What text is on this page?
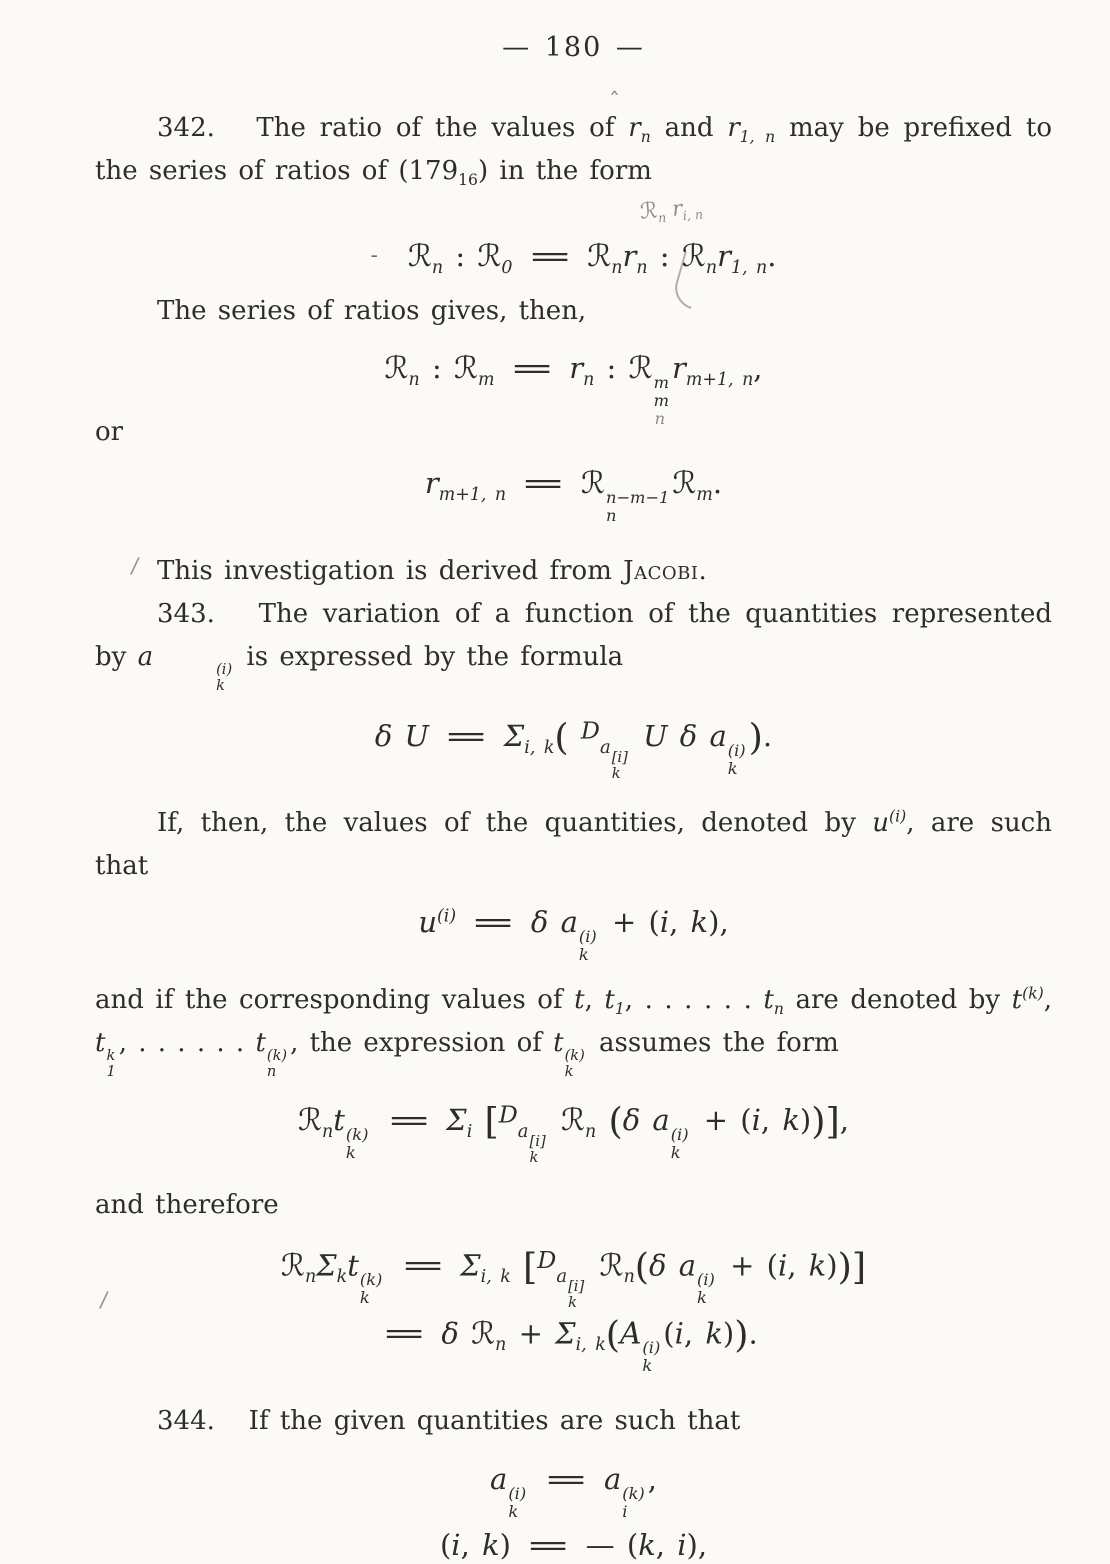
— 180 —
/
/
ˆ
342.   The ratio of the values of $r_n$ and $r_{1, n}$ may be prefixed to the series of ratios of $(179_{16})$ in the form
ℛ$_n$ $r_{i, n}$
- ℛ$_n$ : ℛ$_0$ = $ℛ_nr_n$ : $ℛ_nr_{1, n}$.
The series of ratios gives, then,
ℛ$_n$ : ℛ$_m$ = $r_n$ : ℛ m
m
n
$r_{m+1, n}$,
or
$r_{m+1, n}$ = ℛ n−m−1
n
ℛ$_m$.
This investigation is derived from Jacobi.
343.   The variation of a function of the quantities represented by a	(i)
k
is expressed by the formula
δ $U = \Sigma_{i, k}$( $^D_{a [i] k}$
U δ a (i)
k
).
If, then, the values of the quantities, denoted by $u^{(i)}$, are such that
$u^{(i)} = \delta$ a (i)
k
+ (i, k),
and if the corresponding values of t, $t_1$, . . . . . . $t_n$ are denoted by $t^{(k)}$, t k
1
, . . . . . . t (k)
n
, the expression of t (k)
k
assumes the form
ℛ$_n$t (k)
k
= $\Sigma_i$ [$^D_{a [i] k}$
ℛ$_n$ (δ a (i)
k
+ (i, k))],
and therefore
$ℛ_n\Sigma_kt$ (k)
k
= $\Sigma_{i, k}$ [$^D_{a [i] k}$
ℛ$_n$(δ a (i)
k
+ (i, k))]
= δ ℛ$_n$ + $\Sigma_{i, k}(A$ (i)
k
(i, k)).
344.   If the given quantities are such that
a (i)
k
= a (k)
i
,
(i, k) = — (k, i),
